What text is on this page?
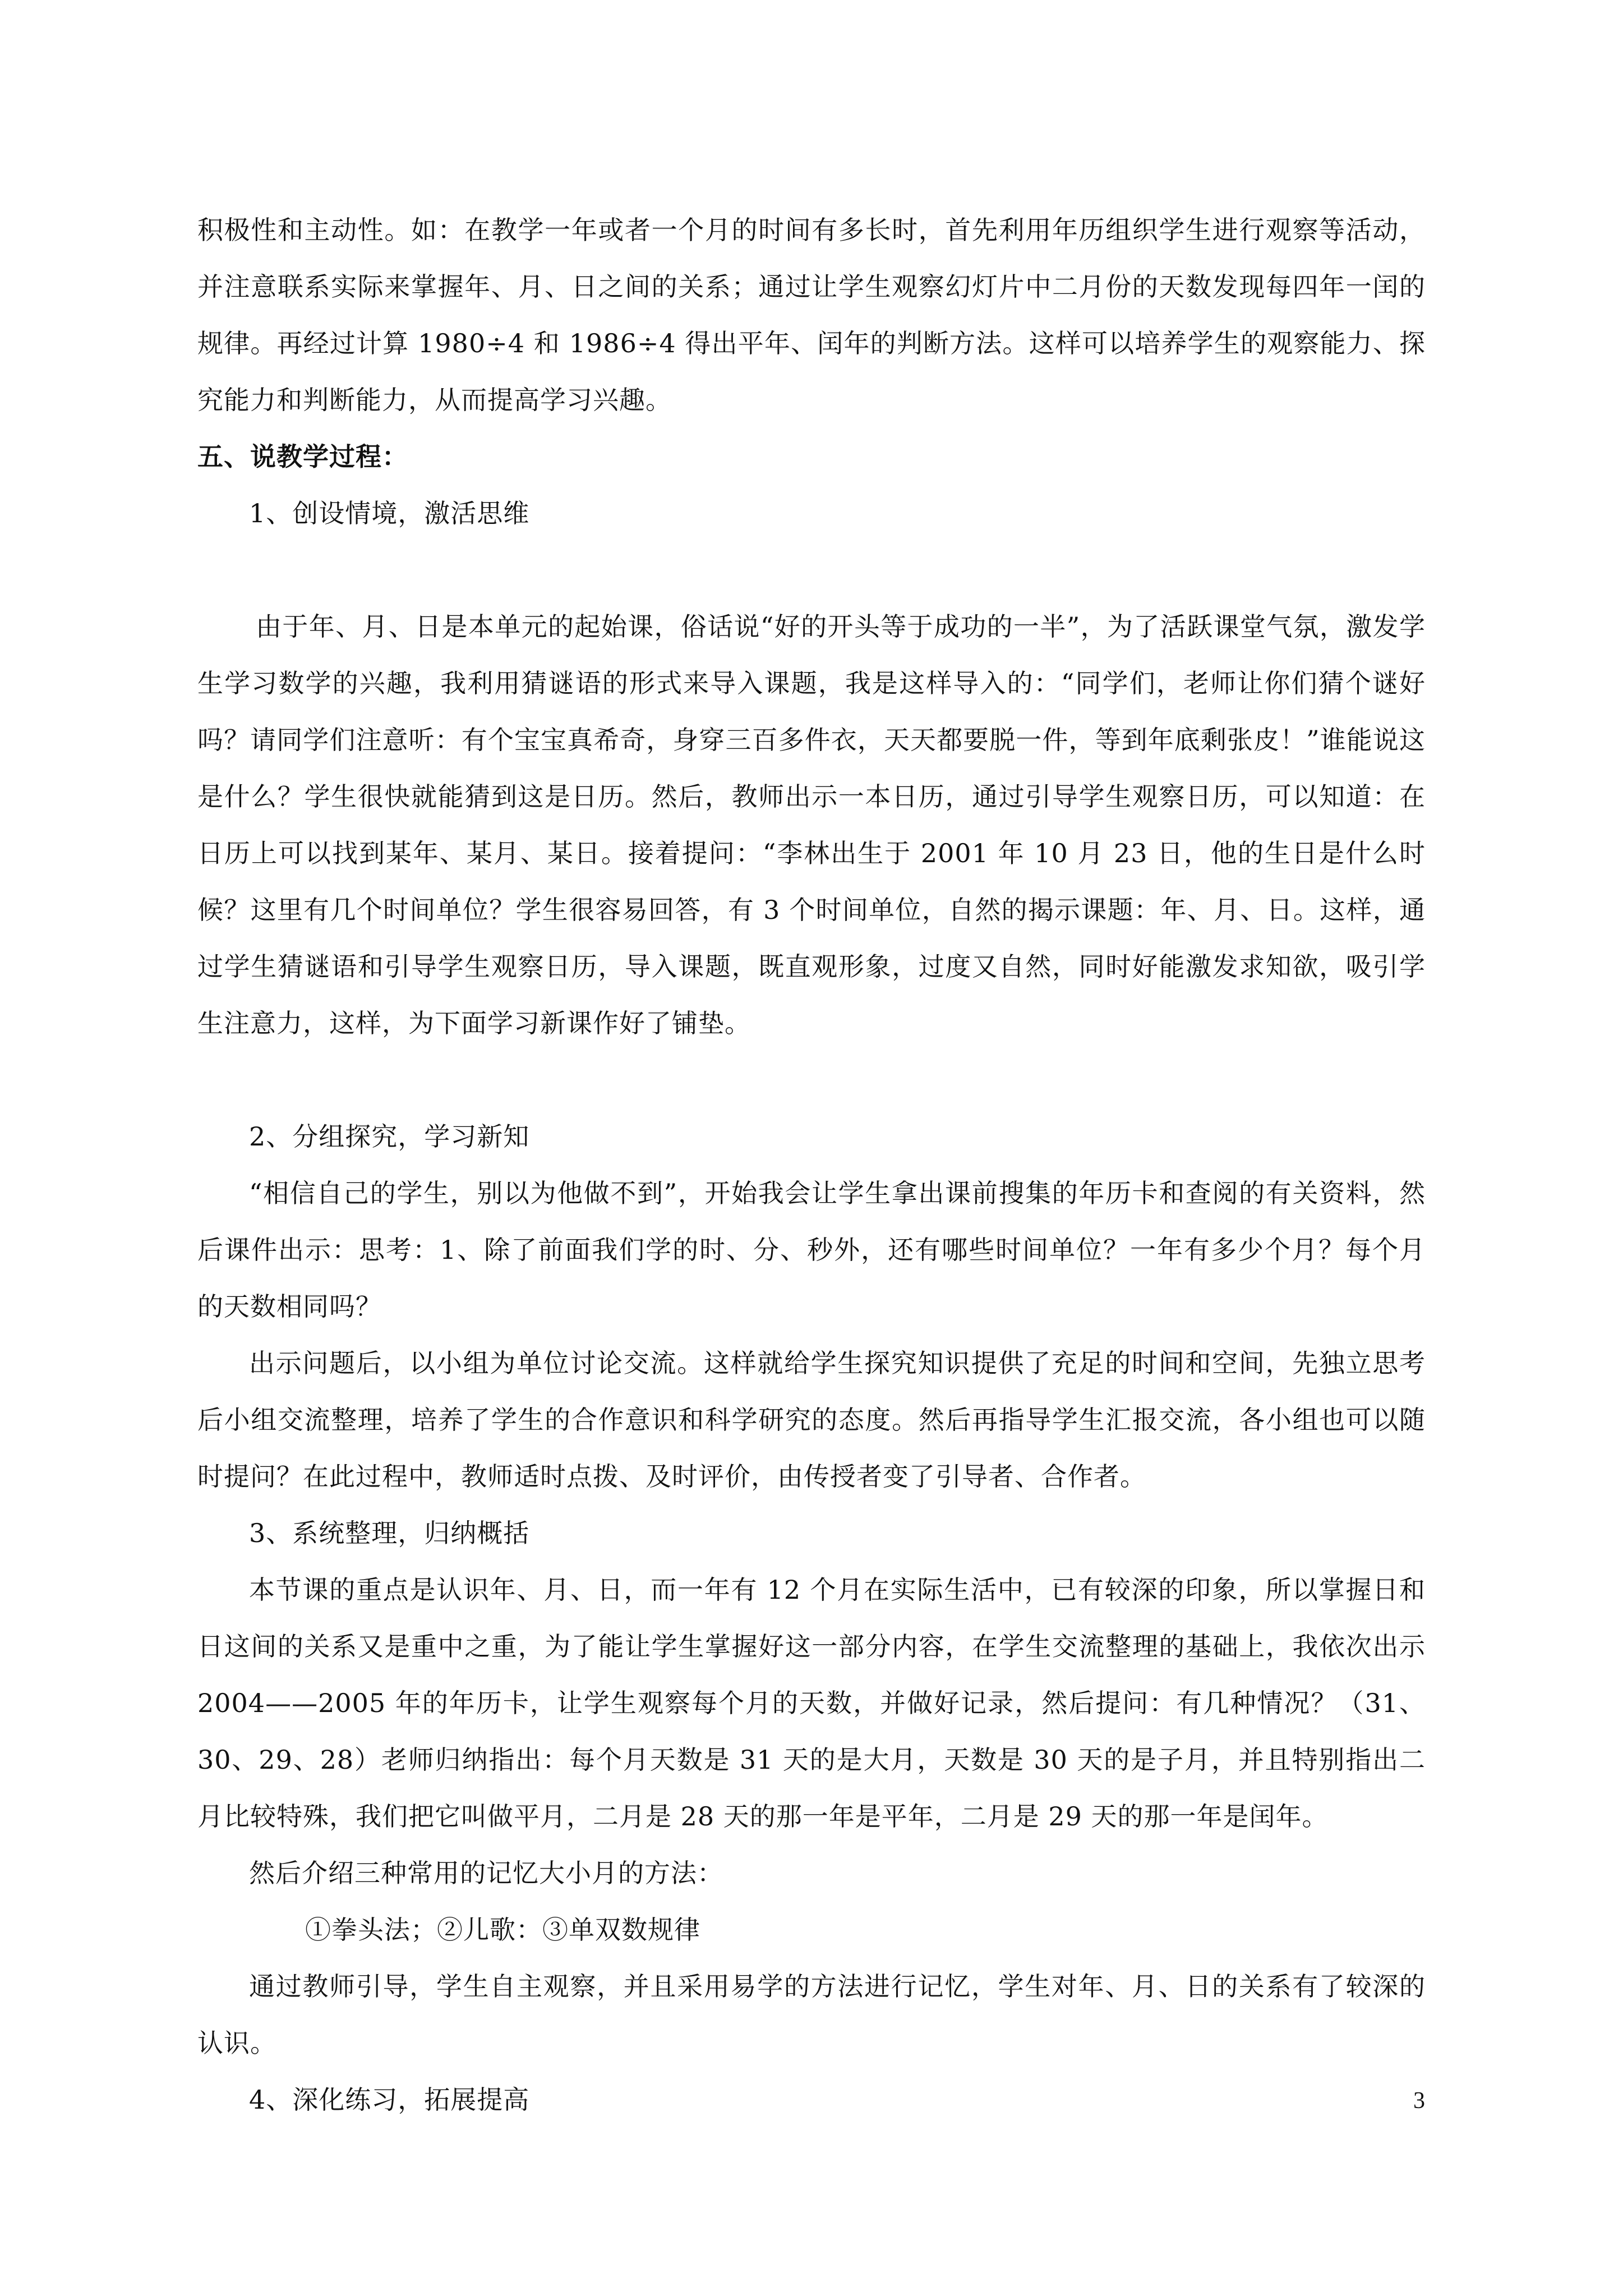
积极性和主动性。如：在教学一年或者一个月的时间有多长时，首先利用年历组织学生进行观察等活动，并注意联系实际来掌握年、月、日之间的关系；通过让学生观察幻灯片中二月份的天数发现每四年一闰的规律。再经过计算 1980÷4 和 1986÷4 得出平年、闰年的判断方法。这样可以培养学生的观察能力、探究能力和判断能力，从而提高学习兴趣。

五、说教学过程：

1、创设情境，激活思维

由于年、月、日是本单元的起始课，俗话说“好的开头等于成功的一半”，为了活跃课堂气氛，激发学生学习数学的兴趣，我利用猜谜语的形式来导入课题，我是这样导入的：“同学们，老师让你们猜个谜好吗？请同学们注意听：有个宝宝真希奇，身穿三百多件衣，天天都要脱一件，等到年底剩张皮！”谁能说这是什么？学生很快就能猜到这是日历。然后，教师出示一本日历，通过引导学生观察日历，可以知道：在日历上可以找到某年、某月、某日。接着提问：“李林出生于 2001 年 10 月 23 日，他的生日是什么时候？这里有几个时间单位？学生很容易回答，有 3 个时间单位，自然的揭示课题：年、月、日。这样，通过学生猜谜语和引导学生观察日历，导入课题，既直观形象，过度又自然，同时好能激发求知欲，吸引学生注意力，这样，为下面学习新课作好了铺垫。

2、分组探究，学习新知

“相信自己的学生，别以为他做不到”，开始我会让学生拿出课前搜集的年历卡和查阅的有关资料，然后课件出示：思考：1、除了前面我们学的时、分、秒外，还有哪些时间单位？一年有多少个月？每个月的天数相同吗？

出示问题后，以小组为单位讨论交流。这样就给学生探究知识提供了充足的时间和空间，先独立思考后小组交流整理，培养了学生的合作意识和科学研究的态度。然后再指导学生汇报交流，各小组也可以随时提问？在此过程中，教师适时点拨、及时评价，由传授者变了引导者、合作者。

3、系统整理，归纳概括

本节课的重点是认识年、月、日，而一年有 12 个月在实际生活中，已有较深的印象，所以掌握日和日这间的关系又是重中之重，为了能让学生掌握好这一部分内容，在学生交流整理的基础上，我依次出示 2004——2005 年的年历卡，让学生观察每个月的天数，并做好记录，然后提问：有几种情况？（31、30、29、28）老师归纳指出：每个月天数是 31 天的是大月，天数是 30 天的是子月，并且特别指出二月比较特殊，我们把它叫做平月，二月是 28 天的那一年是平年，二月是 29 天的那一年是闰年。

然后介绍三种常用的记忆大小月的方法：

①拳头法；②儿歌：③单双数规律

通过教师引导，学生自主观察，并且采用易学的方法进行记忆，学生对年、月、日的关系有了较深的认识。

4、深化练习，拓展提高	3
